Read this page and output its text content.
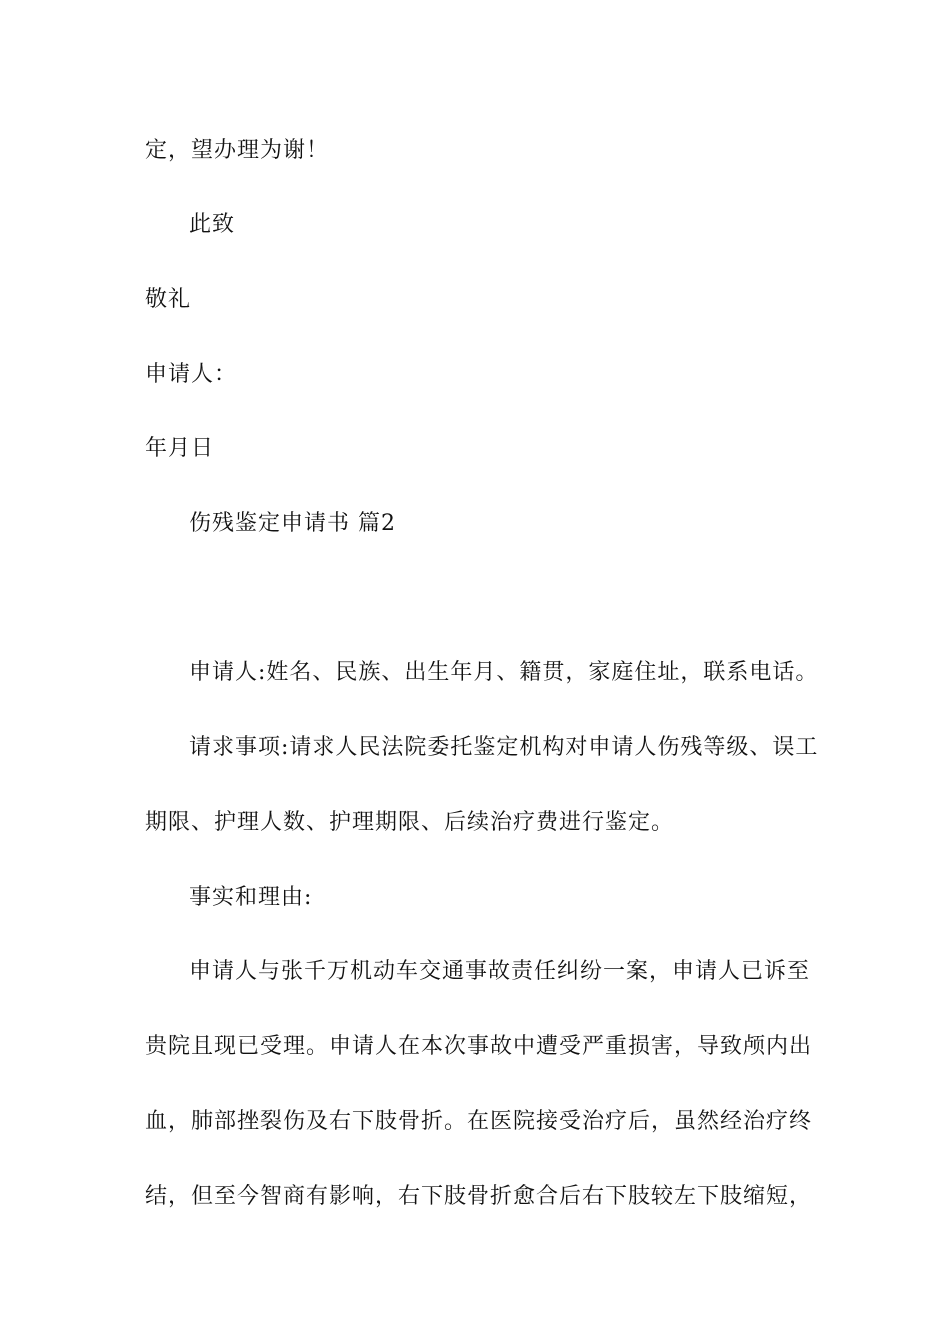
定，望办理为谢！
此致
敬礼
申请人：
年月日
伤残鉴定申请书 篇2
申请人:姓名、民族、出生年月、籍贯，家庭住址，联系电话。
请求事项:请求人民法院委托鉴定机构对申请人伤残等级、误工
期限、护理人数、护理期限、后续治疗费进行鉴定。
事实和理由:
申请人与张千万机动车交通事故责任纠纷一案，申请人已诉至
贵院且现已受理。申请人在本次事故中遭受严重损害，导致颅内出
血，肺部挫裂伤及右下肢骨折。在医院接受治疗后，虽然经治疗终
结，但至今智商有影响，右下肢骨折愈合后右下肢较左下肢缩短，
